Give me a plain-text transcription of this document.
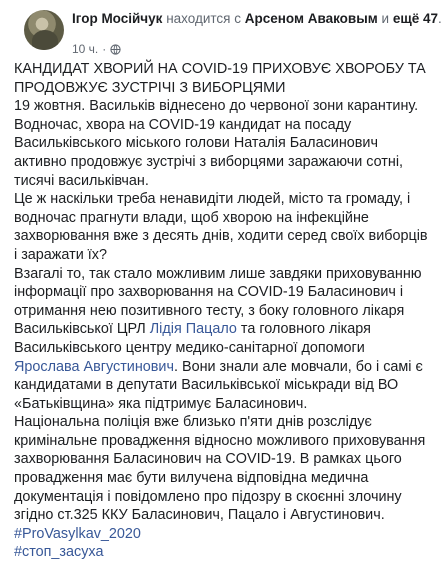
Ігор Мосійчук находится с Арсеном Аваковым и ещё 47.
10 ч. ·

КАНДИДАТ ХВОРИЙ НА COVID-19 ПРИХОВУЄ ХВОРОБУ ТА ПРОДОВЖУЄ ЗУСТРІЧІ З ВИБОРЦЯМИ

19 жовтня. Васильків віднесено до червоної зони карантину.

Водночас, хвора на COVID-19 кандидат на посаду Васильківського міського голови Наталія Баласинович активно продовжує зустрічі з виборцями заражаючи сотні, тисячі васильківчан.

Це ж наскільки треба ненавидіти людей, місто та громаду, і водночас прагнути влади, щоб хворою на інфекційне захворювання вже з десять днів, ходити серед своїх виборців і заражати їх?

Взагалі то, так стало можливим лише завдяки приховуванню інформації про захворювання на COVID-19 Баласинович і отримання нею позитивного тесту, з боку головного лікаря Васильківської ЦРЛ Лідія Пацало та головного лікаря Васильківського центру медико-санітарної допомоги Ярослава Августинович. Вони знали але мовчали, бо і самі є кандидатами в депутати Васильківської міськради від ВО «Батьківщина» яка підтримує Баласинович.

Національна поліція вже близько п'яти днів розслідує кримінальне провадження відносно можливого приховування захворювання Баласинович на COVID-19. В рамках цього провадження має бути вилучена відповідна медична документація і повідомлено про підозру в скоєнні злочину згідно ст.325 ККУ Баласинович, Пацало і Августинович.

#ProVasylkav_2020

#стоп_засуха
